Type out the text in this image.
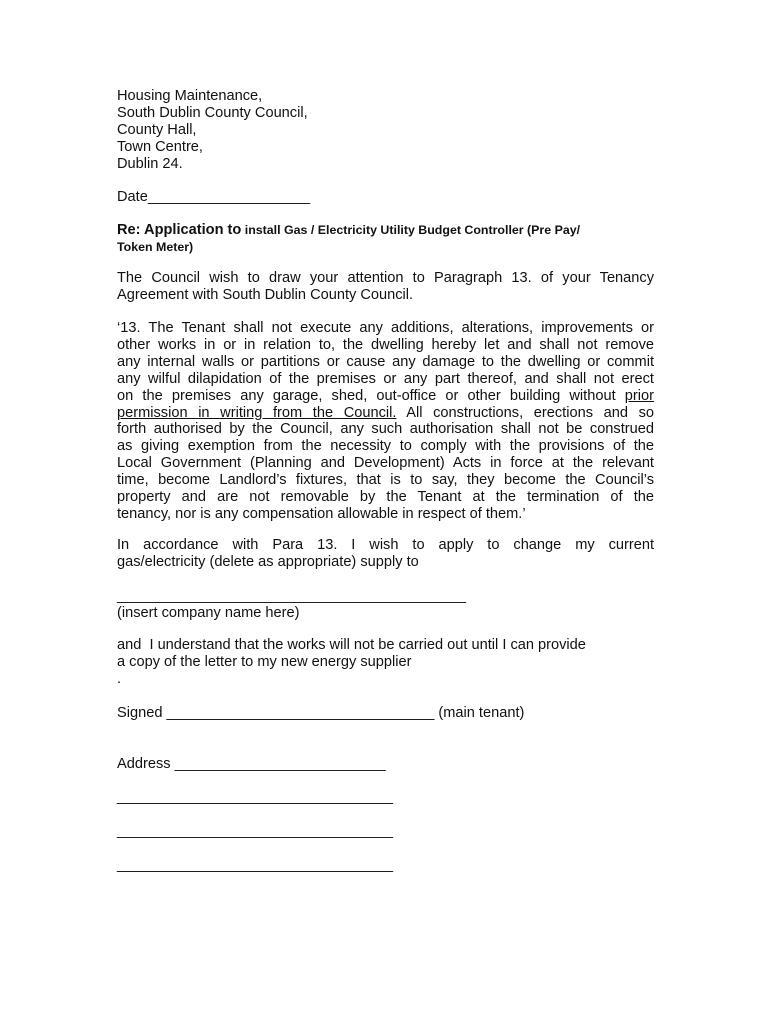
Housing Maintenance,
South Dublin County Council,
County Hall,
Town Centre,
Dublin 24.
Date____________________
Re: Application to install Gas / Electricity Utility Budget Controller (Pre Pay/
Token Meter)
The Council wish to draw your attention to Paragraph 13. of your Tenancy
Agreement with South Dublin County Council.
‘13. The Tenant shall not execute any additions, alterations, improvements or
other works in or in relation to, the dwelling hereby let and shall not remove
any internal walls or partitions or cause any damage to the dwelling or commit
any wilful dilapidation of the premises or any part thereof, and shall not erect
on the premises any garage, shed, out-office or other building without prior
permission in writing from the Council. All constructions, erections and so
forth authorised by the Council, any such authorisation shall not be construed
as giving exemption from the necessity to comply with the provisions of the
Local Government (Planning and Development) Acts in force at the relevant
time, become Landlord’s fixtures, that is to say, they become the Council’s
property and are not removable by the Tenant at the termination of the
tenancy, nor is any compensation allowable in respect of them.’
In accordance with Para 13. I wish to apply to change my current
gas/electricity (delete as appropriate) supply to
___________________________________________
(insert company name here)
and  I understand that the works will not be carried out until I can provide
a copy of the letter to my new energy supplier
.
Signed _________________________________ (main tenant)
Address __________________________
__________________________________
__________________________________
__________________________________
